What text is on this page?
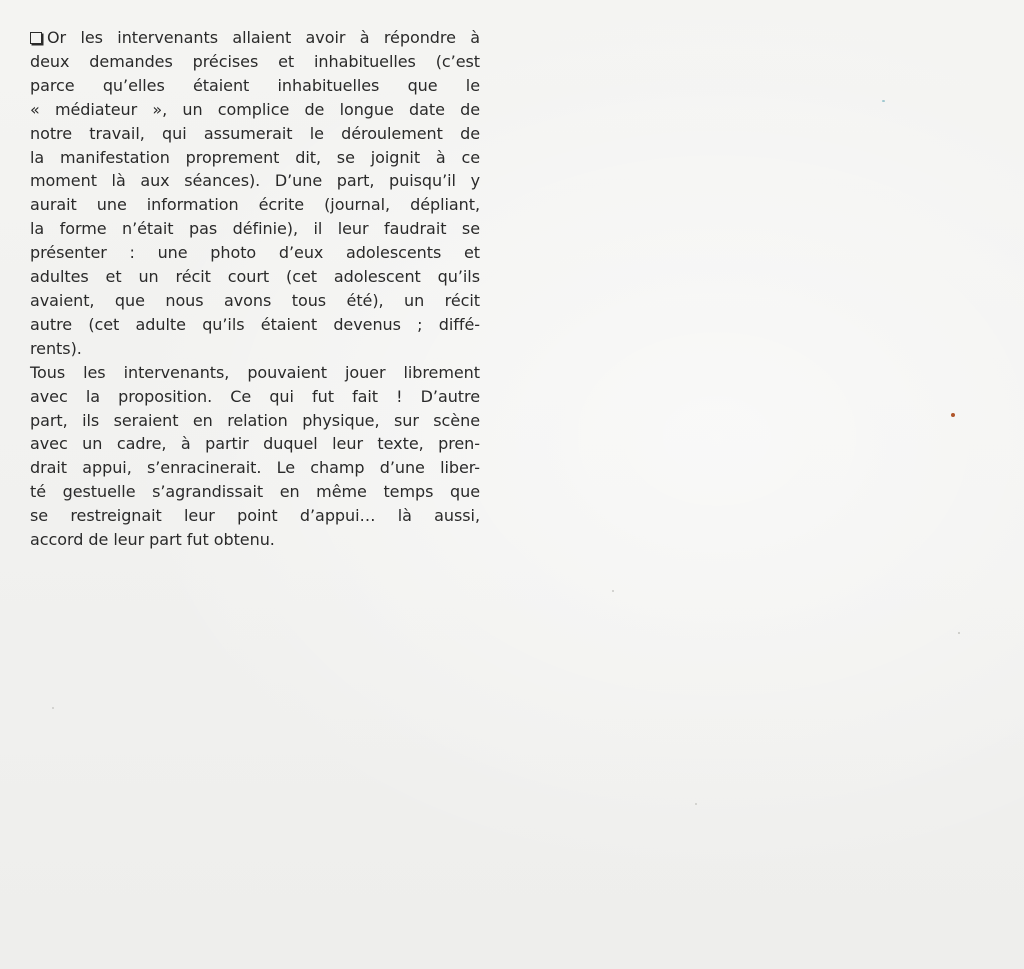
Or les intervenants allaient avoir à répondre à
deux demandes précises et inhabituelles (c’est
parce qu’elles étaient inhabituelles que le
« médiateur », un complice de longue date de
notre travail, qui assumerait le déroulement de
la manifestation proprement dit, se joignit à ce
moment là aux séances). D’une part, puisqu’il y
aurait une information écrite (journal, dépliant,
la forme n’était pas définie), il leur faudrait se
présenter : une photo d’eux adolescents et
adultes et un récit court (cet adolescent qu’ils
avaient, que nous avons tous été), un récit
autre (cet adulte qu’ils étaient devenus ; diffé-
rents).
Tous les intervenants, pouvaient jouer librement
avec la proposition. Ce qui fut fait ! D’autre
part, ils seraient en relation physique, sur scène
avec un cadre, à partir duquel leur texte, pren-
drait appui, s’enracinerait. Le champ d’une liber-
té gestuelle s’agrandissait en même temps que
se restreignait leur point d’appui… là aussi,
accord de leur part fut obtenu.
